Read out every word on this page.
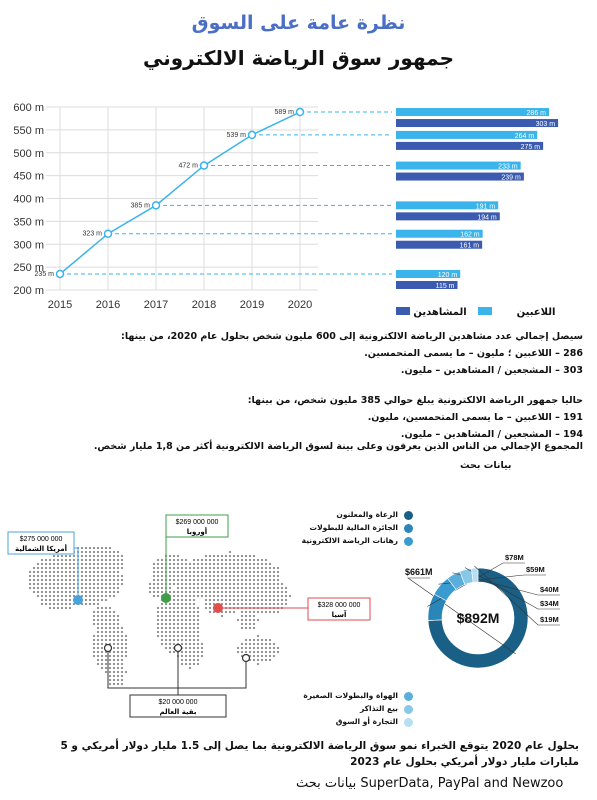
نظرة عامة على السوق
جمهور سوق الرياضة الالكتروني
200 m
250 m
300 m
350 m
400 m
450 m
500 m
550 m
600 m
2015 2016 2017 2018 2019 2020
235 m
323 m
385 m
472 m
539 m
589 m	286 m
303 m
264 m
275 m
233 m
239 m
191 m
194 m
162 m
161 m
120 m
115 m
اللاعبين
المشاهدين

سيصل إجمالي عدد مشاهدين الرياضة الالكترونية إلى 600 مليون شخص بحلول عام 2020، من بينها:

286 – اللاعبين ؛ مليون – ما يسمى المتحمسين.

303 – المشجعين / المشاهدين – مليون.

حاليا جمهور الرياضة الالكترونية يبلغ حوالي 385 مليون شخص، من بينها:

191 – اللاعبين – ما يسمى المتحمسين، مليون.

194 – المشجعين / المشاهدين – مليون.

المجموع الإجمالي من الناس الذين يعرفون وعلى بينة لسوق الرياضة الالكترونية أكثر من 1,8 مليار شخص.

بيانات بحث
$275 000 000
أمريكا الشمالية
$269 000 000
أوروبا
$328 000 000
آسيا
$20 000 000
بقية العالم
$661M
$78M
$59M
$40M
$34M
$19M
$892M
الرعاة والمعلنون
الجائزة المالية للبطولات
رهانات الرياضة الالكترونية
الهواة والبطولات الصغيرة
بيع التذاكر
التجارة أو السوق
بحلول عام 2020 يتوقع الخبراء نمو سوق الرياضة الالكترونية بما يصل إلى 1.5 مليار دولار أمريكي و 5 مليارات مليار دولار أمريكي بحلول عام 2023
SuperData, PayPal and Newzoo بيانات بحث
